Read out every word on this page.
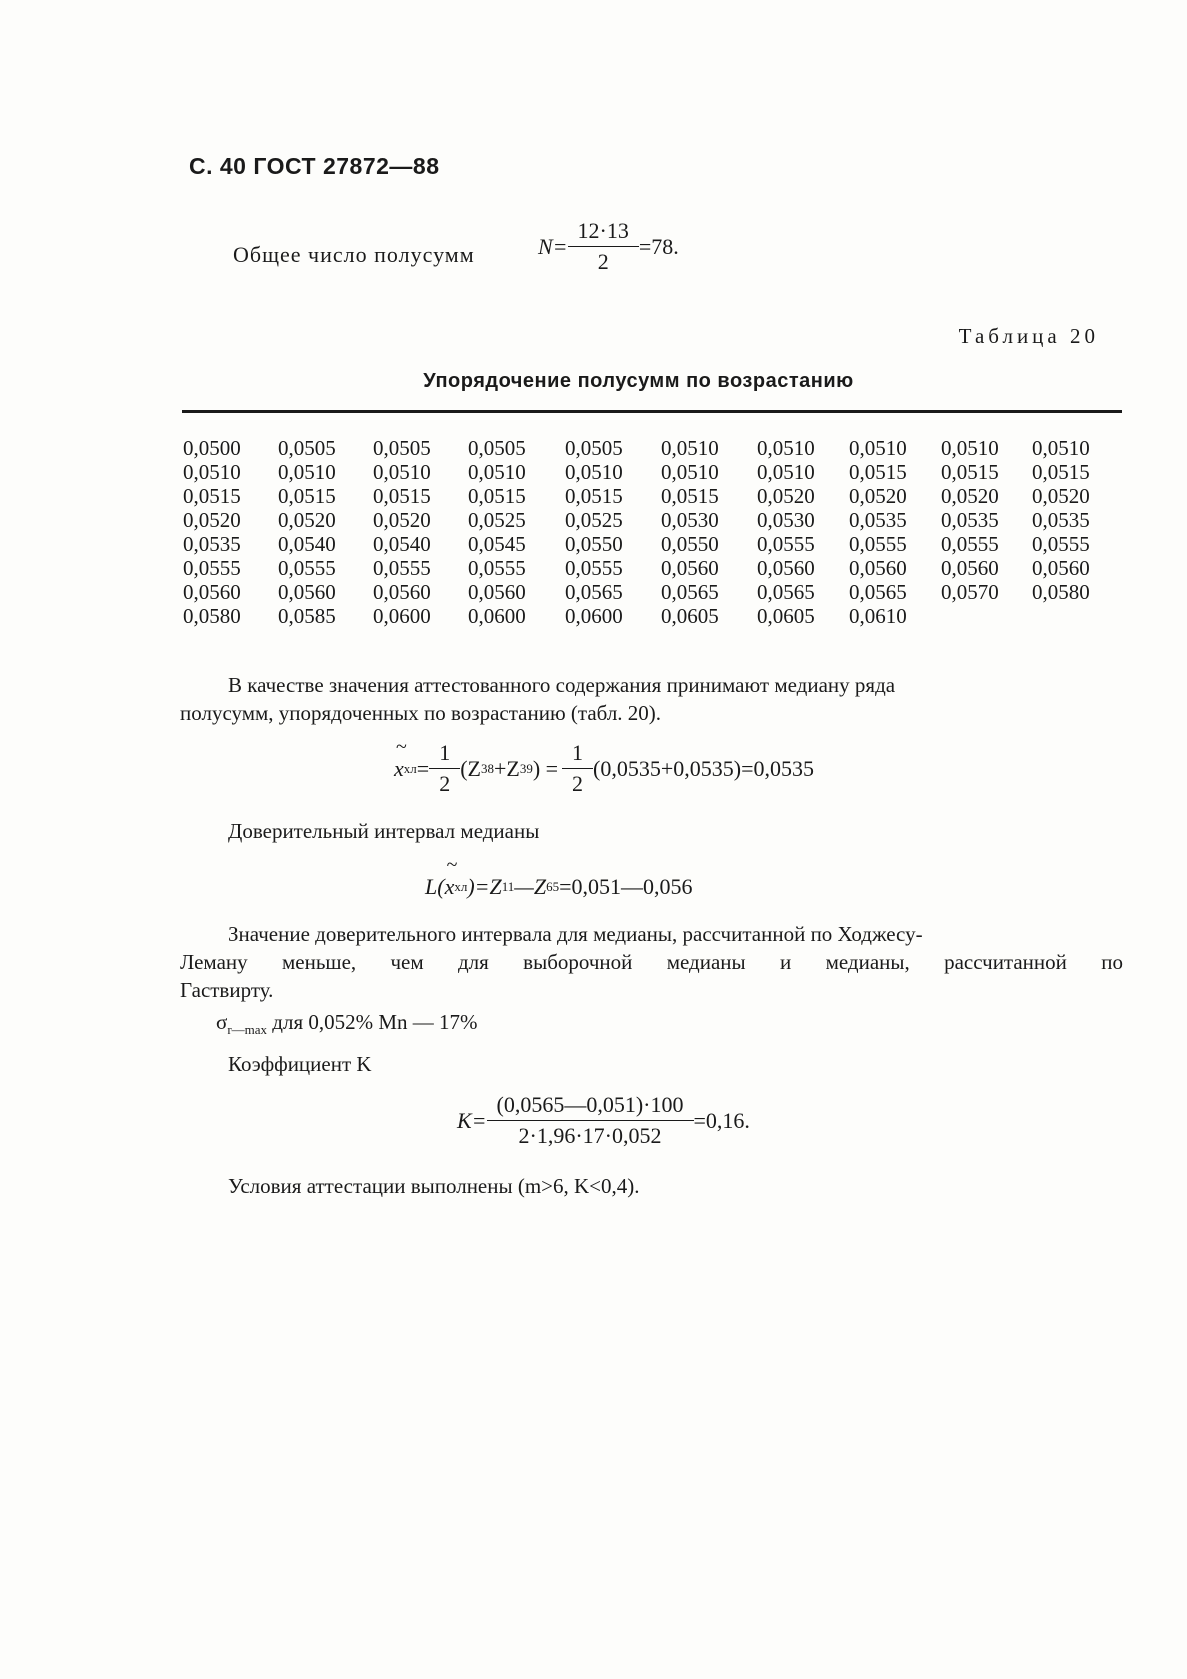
С. 40 ГОСТ 27872—88
Общее число полусумм	$N= \frac{12\cdot 13}{2} =78$.
Таблица 20
Упорядочение полусумм по возрастанию
0,0500	0,0505	0,0505	0,0505	0,0505	0,0510	0,0510	0,0510	0,0510	0,0510
0,0510	0,0510	0,0510	0,0510	0,0510	0,0510	0,0510	0,0515	0,0515	0,0515
0,0515	0,0515	0,0515	0,0515	0,0515	0,0515	0,0520	0,0520	0,0520	0,0520
0,0520	0,0520	0,0520	0,0525	0,0525	0,0530	0,0530	0,0535	0,0535	0,0535
0,0535	0,0540	0,0540	0,0545	0,0550	0,0550	0,0555	0,0555	0,0555	0,0555
0,0555	0,0555	0,0555	0,0555	0,0555	0,0560	0,0560	0,0560	0,0560	0,0560
0,0560	0,0560	0,0560	0,0560	0,0565	0,0565	0,0565	0,0565	0,0570	0,0580
0,0580	0,0585	0,0600	0,0600	0,0600	0,0605	0,0605	0,0610
В качестве значения аттестованного содержания принимают медиану ряда
полусумм, упорядоченных по возрастанию (табл. 20).
~ x хл = $\frac{1}{2} (Z$ 38 +Z 39 ) = $\frac{1}{2} (0,0535+0,0535)=0,0535$
Доверительный интервал медианы
L(
~ x хл )=Z 11 —Z 65 =0,051—0,056
Значение доверительного интервала для медианы, рассчитанной по Ходжесу-
Леману меньше, чем для выборочной медианы и медианы, рассчитанной по
Гаствирту.
$\sigma_{r—max}$ для 0,052% Mn — 17%
Коэффициент K
$K= \frac{(0,0565—0,051)\cdot 100}{2\cdot 1,96\cdot 17\cdot 0,052} =0,16$.
Условия аттестации выполнены (m>6, K<0,4).
